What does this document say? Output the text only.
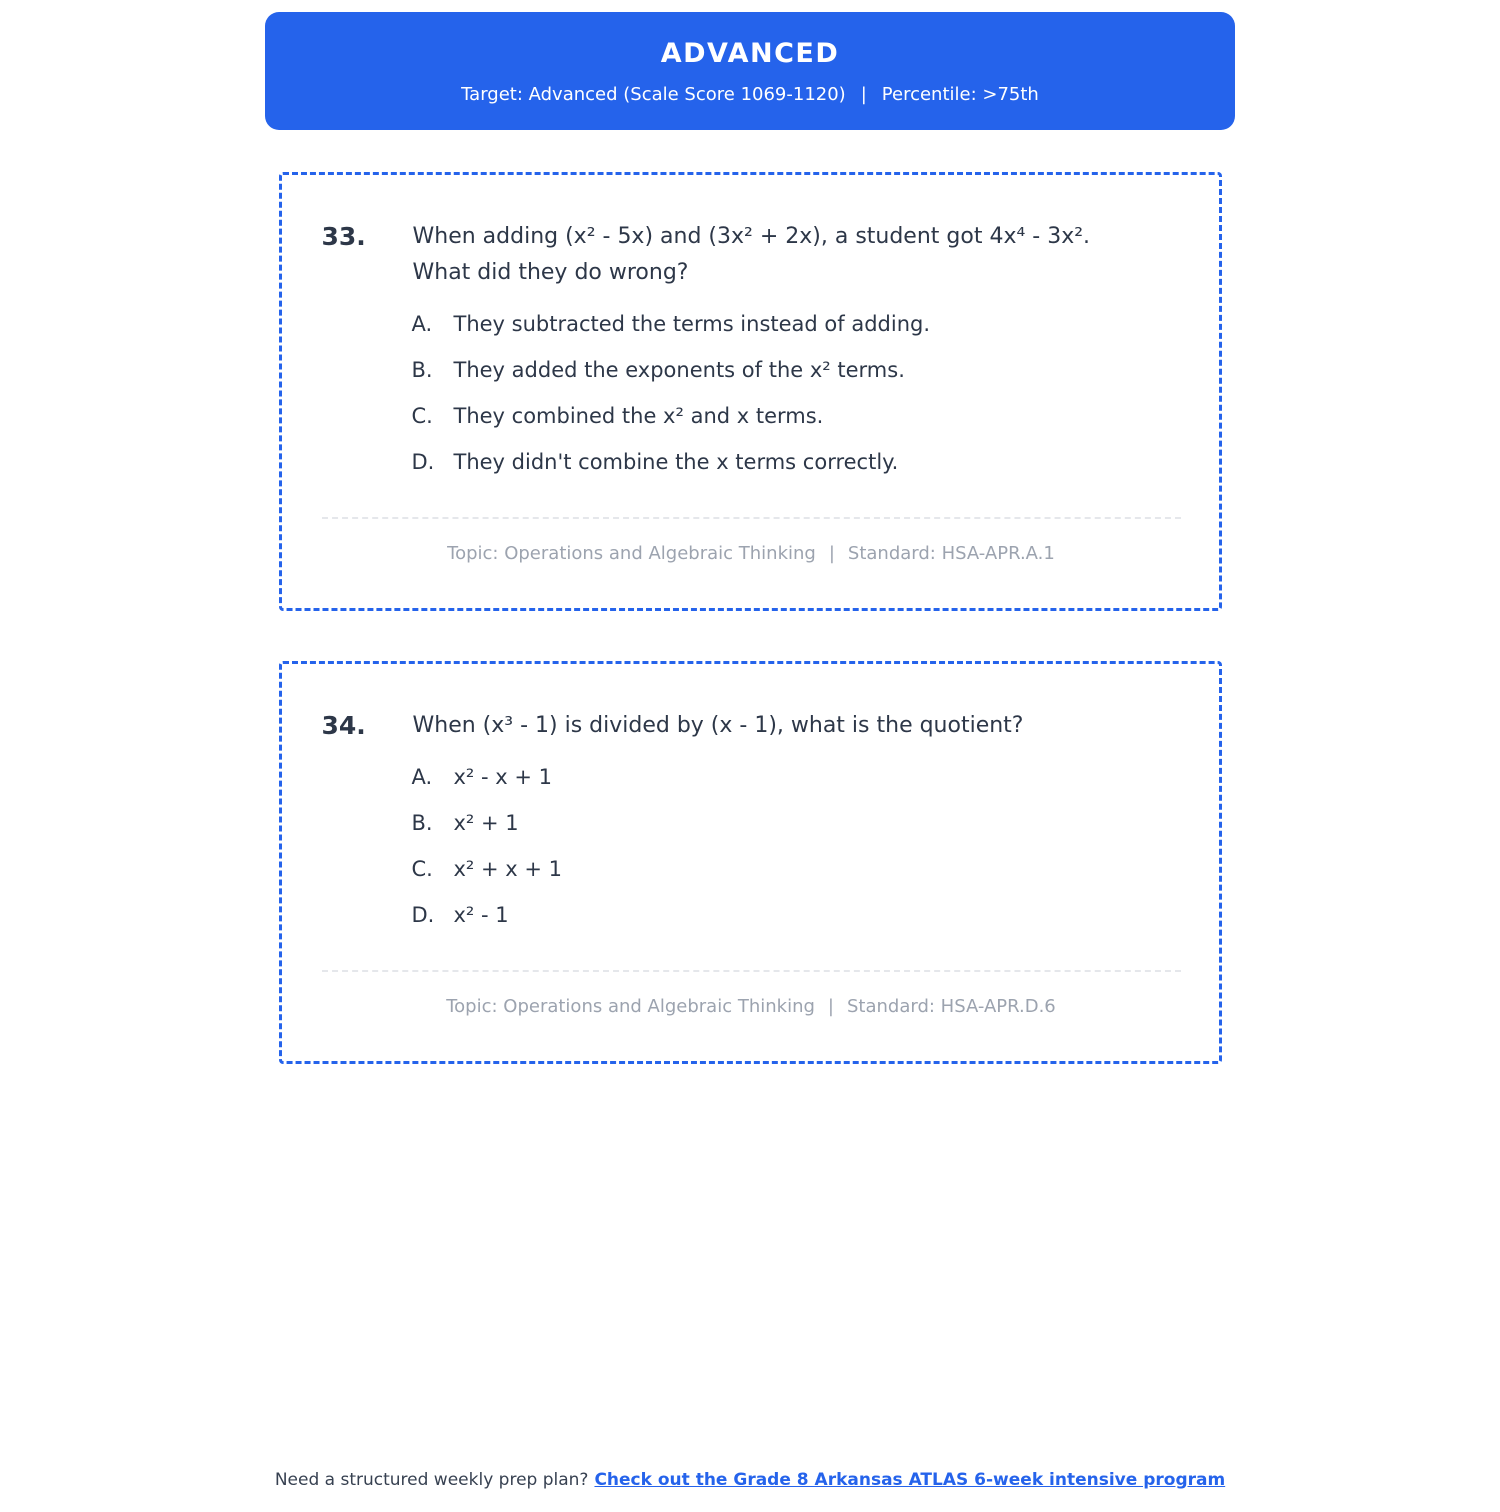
ADVANCED
Target: Advanced (Scale Score 1069-1120) | Percentile: >75th
33.	When adding (x² - 5x) and (3x² + 2x), a student got 4x⁴ - 3x².
What did they do wrong?
A.	They subtracted the terms instead of adding.
B. They added the exponents of the x² terms.
C. They combined the x² and x terms.
D. They didn't combine the x terms correctly.
Topic: Operations and Algebraic Thinking | Standard: HSA-APR.A.1
34.	When (x³ - 1) is divided by (x - 1), what is the quotient?
A.	x² - x + 1
B. x² + 1
C. x² + x + 1
D. x² - 1
Topic: Operations and Algebraic Thinking | Standard: HSA-APR.D.6
Need a structured weekly prep plan? Check out the Grade 8 Arkansas ATLAS 6-week intensive program
